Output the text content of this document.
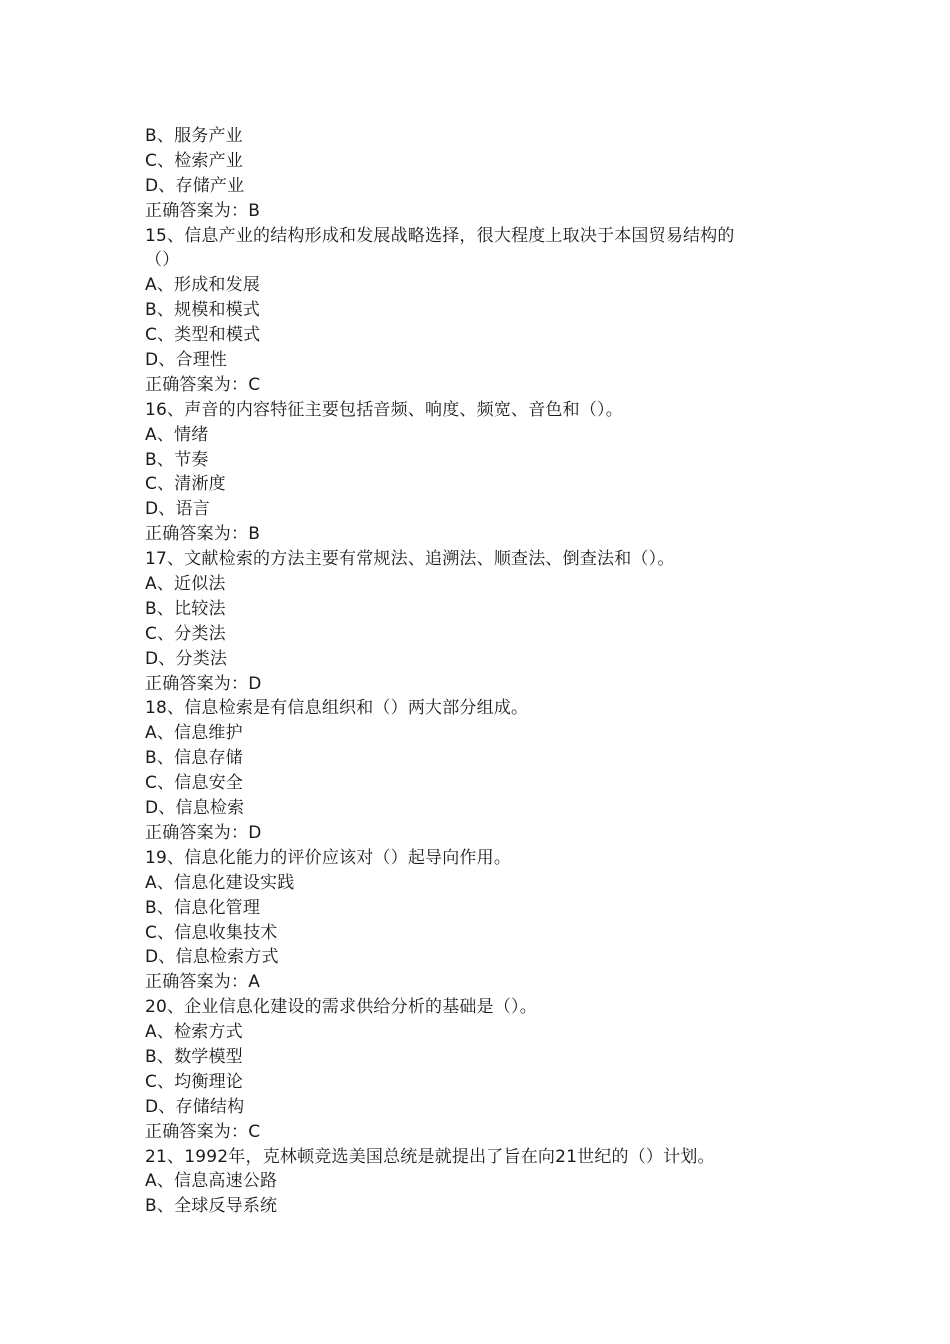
B、服务产业
C、检索产业
D、存储产业
正确答案为：B
15、信息产业的结构形成和发展战略选择，很大程度上取决于本国贸易结构的
（）
A、形成和发展
B、规模和模式
C、类型和模式
D、合理性
正确答案为：C
16、声音的内容特征主要包括音频、响度、频宽、音色和（）。
A、情绪
B、节奏
C、清淅度
D、语言
正确答案为：B
17、文献检索的方法主要有常规法、追溯法、顺查法、倒查法和（）。
A、近似法
B、比较法
C、分类法
D、分类法
正确答案为：D
18、信息检索是有信息组织和（）两大部分组成。
A、信息维护
B、信息存储
C、信息安全
D、信息检索
正确答案为：D
19、信息化能力的评价应该对（）起导向作用。
A、信息化建设实践
B、信息化管理
C、信息收集技术
D、信息检索方式
正确答案为：A
20、企业信息化建设的需求供给分析的基础是（）。
A、检索方式
B、数学模型
C、均衡理论
D、存储结构
正确答案为：C
21、1992年，克林顿竞选美国总统是就提出了旨在向21世纪的（）计划。
A、信息高速公路
B、全球反导系统
